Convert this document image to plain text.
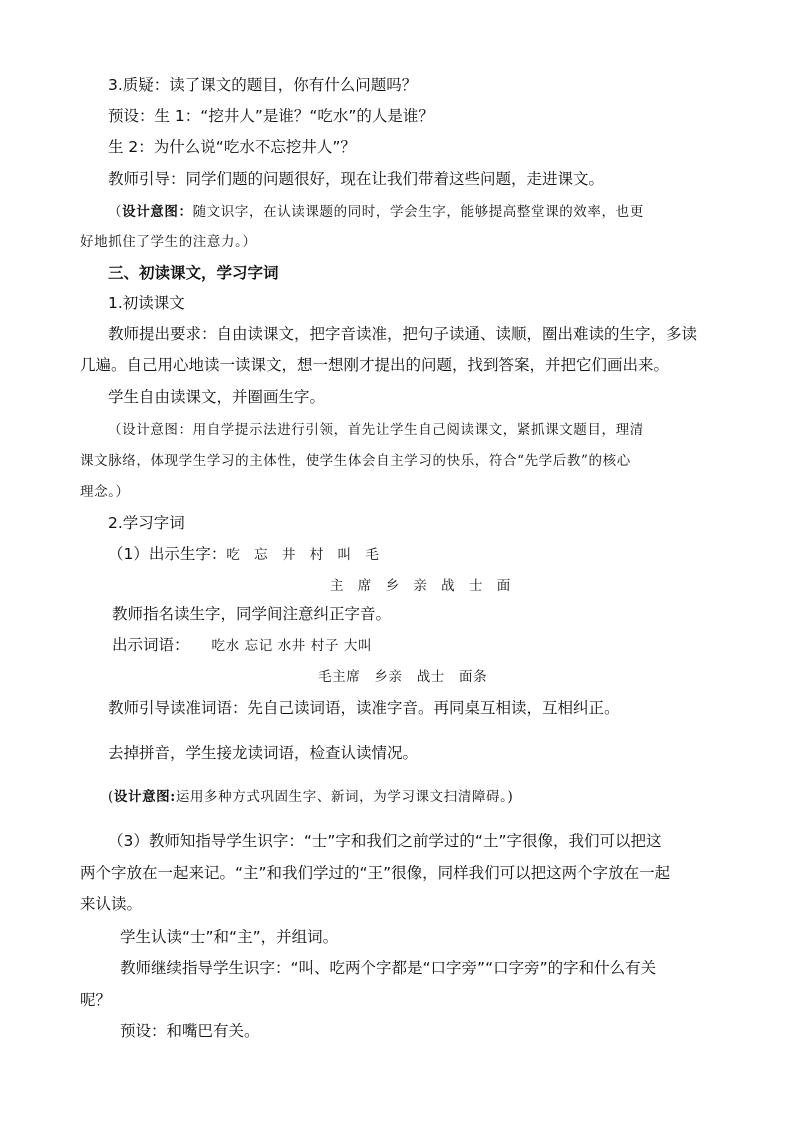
3.质疑：读了课文的题目，你有什么问题吗？
预设：生 1：“挖井人”是谁？“吃水”的人是谁？
生 2：为什么说“吃水不忘挖井人”？
教师引导：同学们题的问题很好，现在让我们带着这些问题，走进课文。
（设计意图：随文识字，在认读课题的同时，学会生字，能够提高整堂课的效率，也更
好地抓住了学生的注意力。）
三、初读课文，学习字词
1.初读课文
教师提出要求：自由读课文，把字音读准，把句子读通、读顺，圈出难读的生字，多读
几遍。自己用心地读一读课文，想一想刚才提出的问题，找到答案，并把它们画出来。
学生自由读课文，并圈画生字。
（设计意图：用自学提示法进行引领，首先让学生自己阅读课文，紧抓课文题目，理清
课文脉络，体现学生学习的主体性，使学生体会自主学习的快乐，符合“先学后教”的核心
理念。）
2.学习字词
（1）出示生字：吃 忘 井 村 叫 毛
主 席 乡 亲 战 士 面
教师指名读生字，同学间注意纠正字音。
出示词语： 吃水 忘记 水井 村子 大叫
毛主席　乡亲　战士　面条
教师引导读准词语：先自己读词语，读准字音。再同桌互相读，互相纠正。
去掉拼音，学生接龙读词语，检查认读情况。
(设计意图:运用多种方式巩固生字、新词，为学习课文扫清障碍。)
（3）教师知指导学生识字：“士”字和我们之前学过的“土”字很像，我们可以把这
两个字放在一起来记。“主”和我们学过的“王”很像，同样我们可以把这两个字放在一起
来认读。
学生认读“士”和“主”，并组词。
教师继续指导学生识字：“叫、吃两个字都是“口字旁”“口字旁”的字和什么有关
呢？
预设：和嘴巴有关。
